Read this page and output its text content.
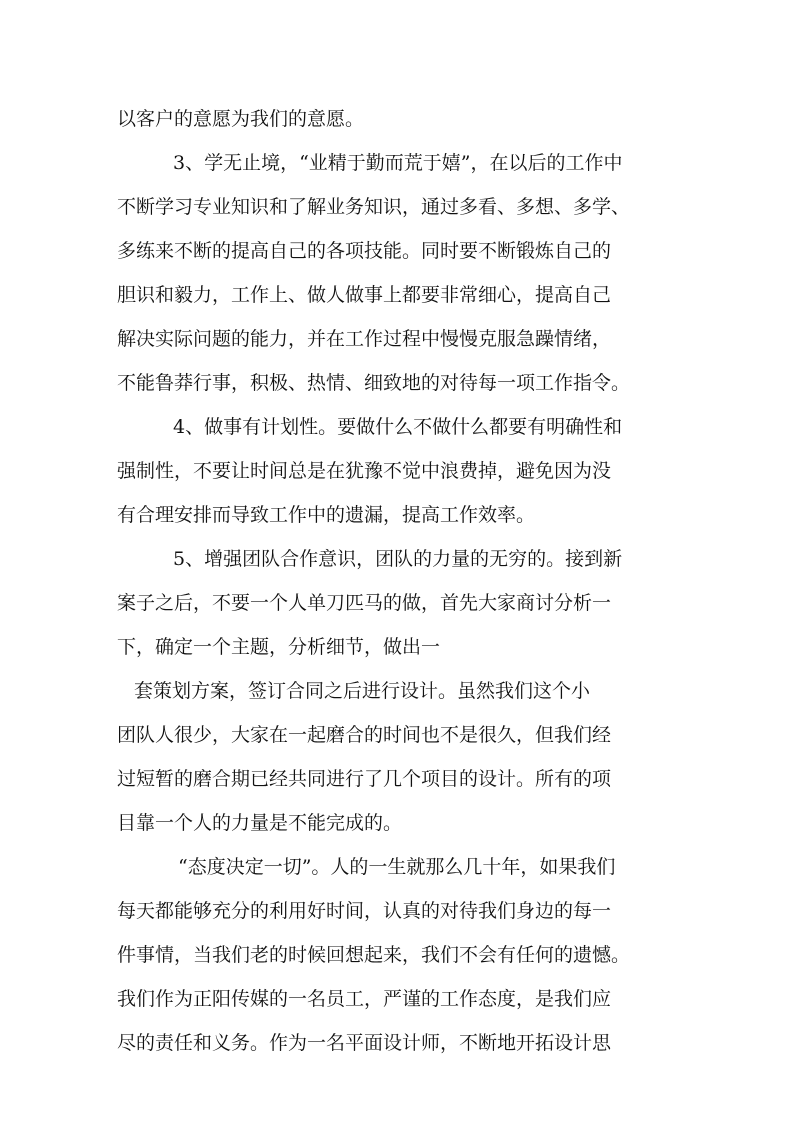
以客户的意愿为我们的意愿。
3、学无止境，“业精于勤而荒于嬉”，在以后的工作中
不断学习专业知识和了解业务知识，通过多看、多想、多学、
多练来不断的提高自己的各项技能。同时要不断锻炼自己的
胆识和毅力，工作上、做人做事上都要非常细心，提高自己
解决实际问题的能力，并在工作过程中慢慢克服急躁情绪，
不能鲁莽行事，积极、热情、细致地的对待每一项工作指令。
4、做事有计划性。要做什么不做什么都要有明确性和
强制性，不要让时间总是在犹豫不觉中浪费掉，避免因为没
有合理安排而导致工作中的遗漏，提高工作效率。
5、增强团队合作意识，团队的力量的无穷的。接到新
案子之后，不要一个人单刀匹马的做，首先大家商讨分析一
下，确定一个主题，分析细节，做出一
套策划方案，签订合同之后进行设计。虽然我们这个小
团队人很少，大家在一起磨合的时间也不是很久，但我们经
过短暂的磨合期已经共同进行了几个项目的设计。所有的项
目靠一个人的力量是不能完成的。
“态度决定一切”。人的一生就那么几十年，如果我们
每天都能够充分的利用好时间，认真的对待我们身边的每一
件事情，当我们老的时候回想起来，我们不会有任何的遗憾。
我们作为正阳传媒的一名员工，严谨的工作态度，是我们应
尽的责任和义务。作为一名平面设计师，不断地开拓设计思
